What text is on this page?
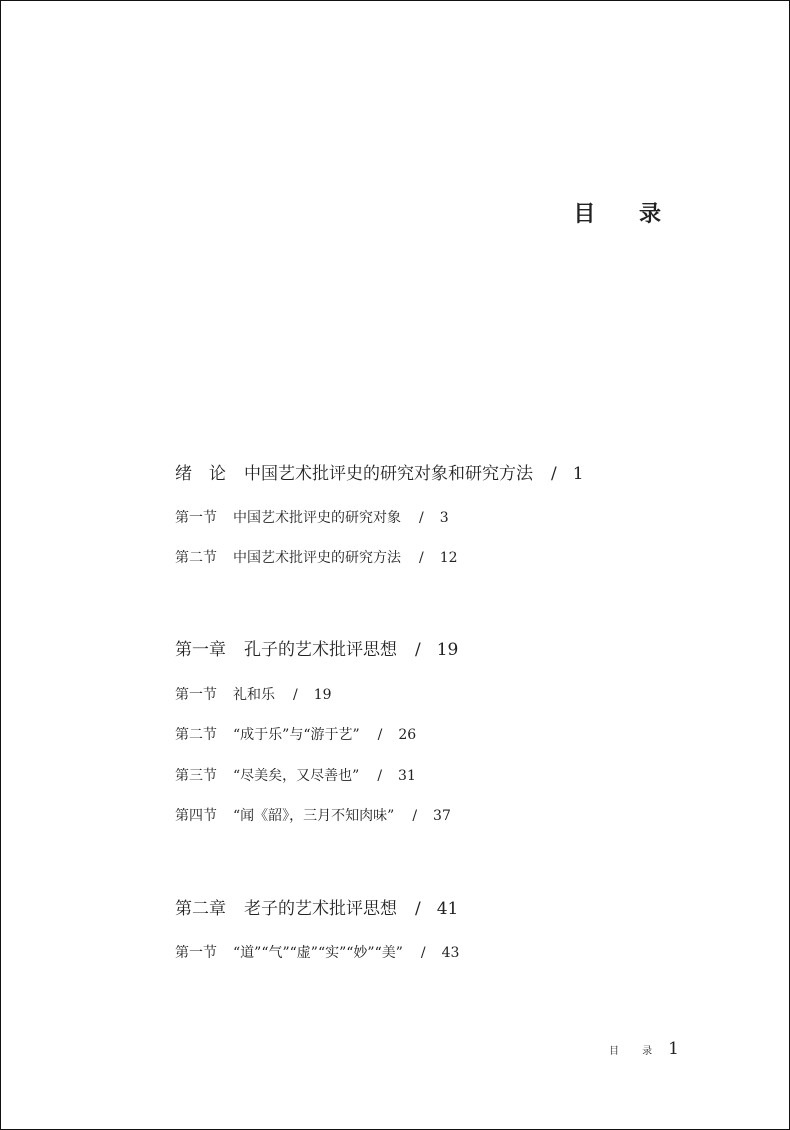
目 录
绪　论 中国艺术批评史的研究对象和研究方法 / 1
第一节 中国艺术批评史的研究对象 / 3
第二节 中国艺术批评史的研究方法 / 12
第一章 孔子的艺术批评思想 / 19
第一节 礼和乐 / 19
第二节 “成于乐”与“游于艺” / 26
第三节 “尽美矣，又尽善也” / 31
第四节 “闻《韶》，三月不知肉味” / 37
第二章 老子的艺术批评思想 / 41
第一节 “道”“气”“虚”“实”“妙”“美” / 43
目 录 1
